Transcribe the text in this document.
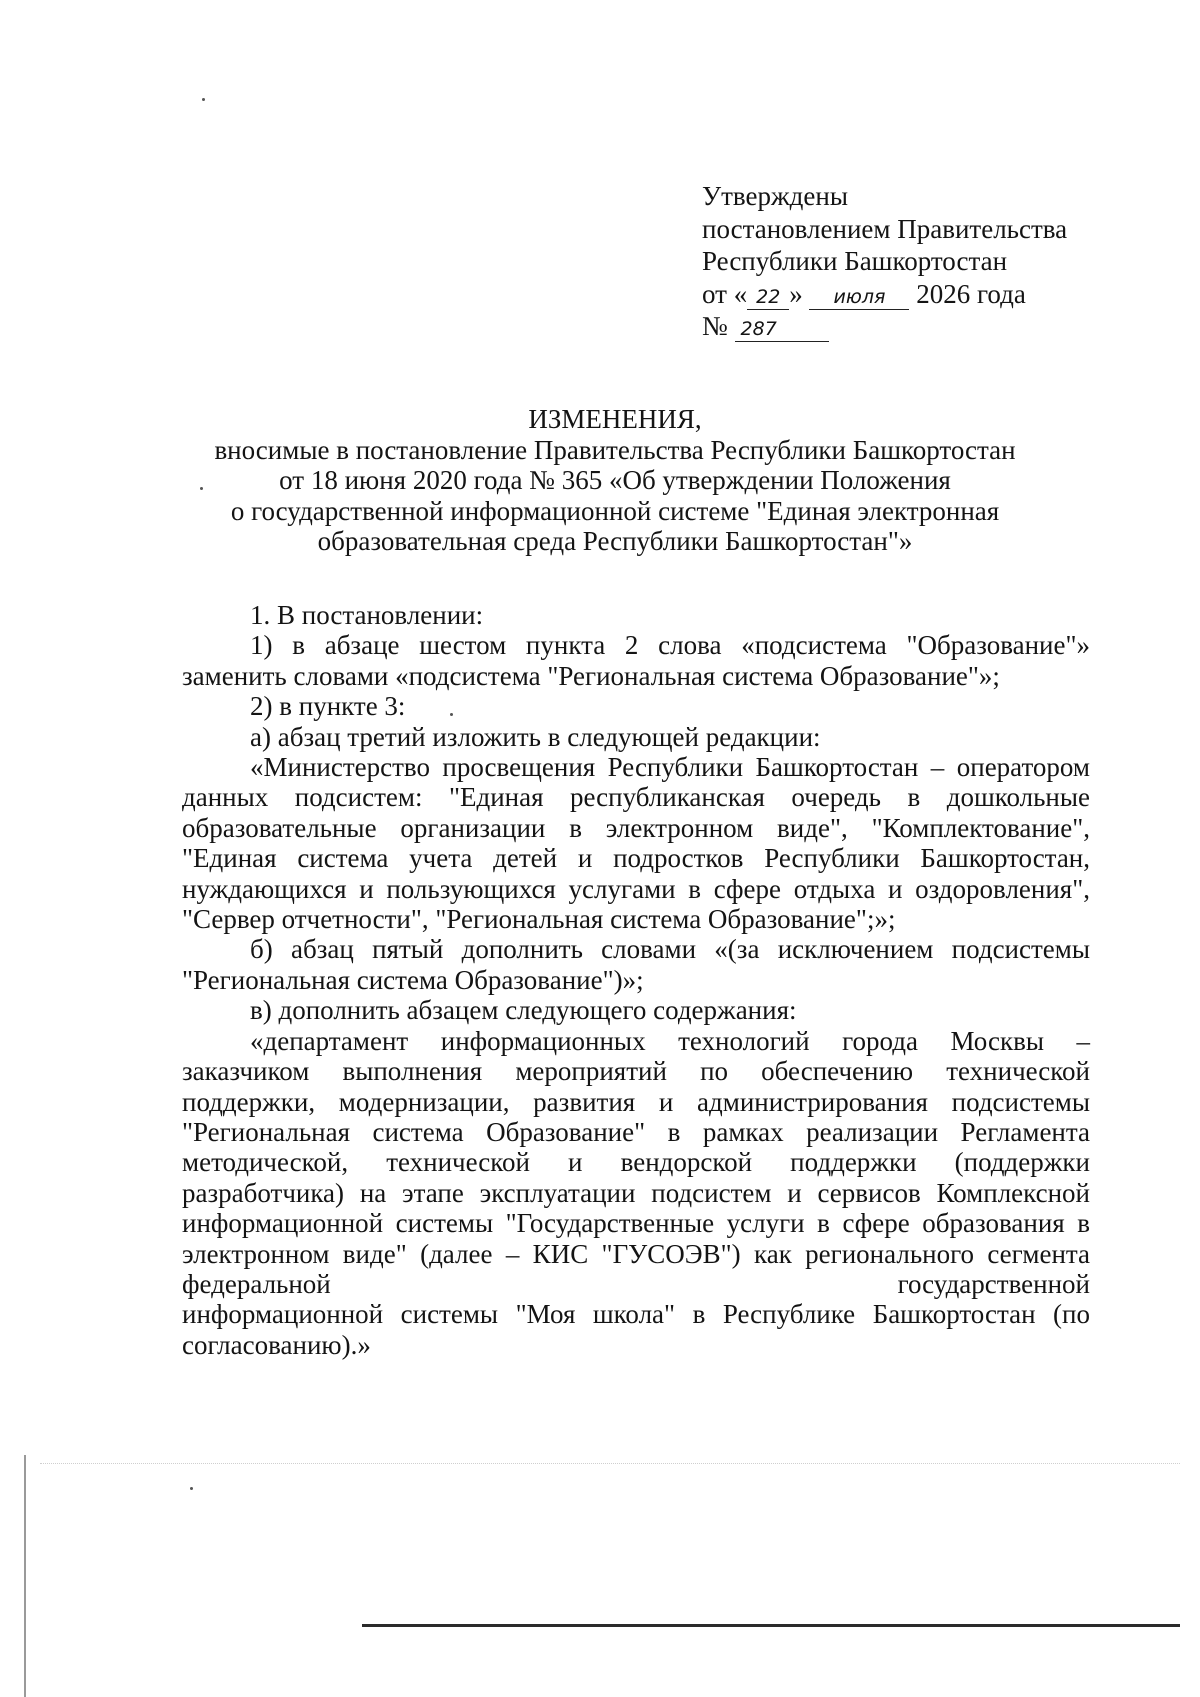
Утверждены
постановлением Правительства
Республики Башкортостан
от « 22 » июля 2026 года
№ 287
ИЗМЕНЕНИЯ,
вносимые в постановление Правительства Республики Башкортостан
от 18 июня 2020 года № 365 «Об утверждении Положения
о государственной информационной системе "Единая электронная
образовательная среда Республики Башкортостан"»

1. В постановлении:

1) в абзаце шестом пункта 2 слова «подсистема "Образование"» заменить словами «подсистема "Региональная система Образование"»;

2) в пункте 3:

а) абзац третий изложить в следующей редакции:

«Министерство просвещения Республики Башкортостан – оператором данных подсистем: "Единая республиканская очередь в дошкольные образовательные организации в электронном виде", "Комплектование", "Единая система учета детей и подростков Республики Башкортостан, нуждающихся и пользующихся услугами в сфере отдыха и оздоровления", "Сервер отчетности", "Региональная система Образование";»;

б) абзац пятый дополнить словами «(за исключением подсистемы "Региональная система Образование")»;

в) дополнить абзацем следующего содержания:

«департамент информационных технологий города Москвы – заказчиком выполнения мероприятий по обеспечению технической поддержки, модернизации, развития и администрирования подсистемы "Региональная система Образование" в рамках реализации Регламента методической, технической и вендорской поддержки (поддержки разработчика) на этапе эксплуатации подсистем и сервисов Комплексной информационной системы "Государственные услуги в сфере образования в электронном виде" (далее – КИС "ГУСОЭВ") как регионального сегмента федеральной государственной

информационной системы "Моя школа" в Республике Башкортостан (по согласованию).»
